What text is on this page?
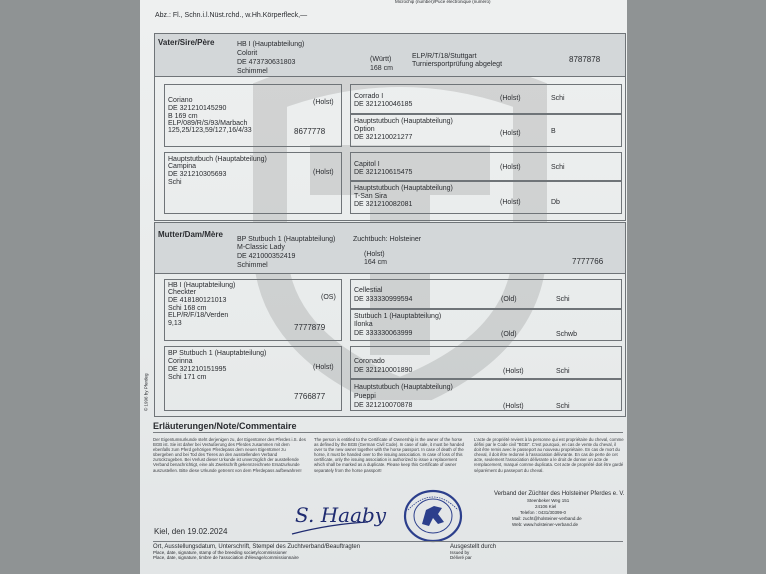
Microchip (number)/Puce électronique (numéro)
Abz.: Fl., Schn.i.l.Nüst.rchd., w.Hh.Körperfleck,—
Vater/Sire/Père	HB I (Hauptabteilung)
Colorit
DE 473730631803
Schimmel
(Württ)
168 cm
ELP/R/T/18/Stuttgart
Turniersportprüfung abgelegt
8787878
Coriano
DE 321210145290
B 169 cm
ELP/089/R/S/93/Marbach
125,25/123,59/127,16/4/33
(Holst)
8677778
Corrado I
DE 321210046185
(Holst)	Schi
Hauptstutbuch (Hauptabteilung)
Option
DE 321210021277
(Holst)	B
Hauptstutbuch (Hauptabteilung)
Campina
DE 321210305693
Schi
(Holst)
Capitol I
DE 321210615475
(Holst)	Schi
Hauptstutbuch (Hauptabteilung)
T-San Sira
DE 321210082081	(Holst)	Db
Mutter/Dam/Mère
BP Stutbuch 1 (Hauptabteilung)	Zuchtbuch: Holsteiner
M-Classic Lady
DE 421000352419
Schimmel
(Holst)
164 cm	7777766
HB I (Hauptabteilung)
Checkter
DE 418180121013
Schi 168 cm
ELP/R/F/18/Verden
9,13
(OS)
7777879
Cellestial
DE 333330999594	(Old)	Schi
Stutbuch 1 (Hauptabteilung)
Ilonka
DE 333330063999	(Old)	Schwb
BP Stutbuch 1 (Hauptabteilung)
Corinna
DE 321210151995
Schi 171 cm
(Holst)
7766877
Coronado
DE 321210001890	(Holst)	Schi
Hauptstutbuch (Hauptabteilung)
Pueppi
DE 321210070878	(Holst)	Schi
© 1996 by Pferdeg
Erläuterungen/Note/Commentaire
Der Eigentumsurkunde steht derjenigen zu, der Eigentümer des Pferdes i.S. des BGB ist. Sie ist daher bei Veräußerung des Pferdes zusammen mit dem ebenfalls zum Pferd gehörigen Pferdepass dem neuen Eigentümer zu übergeben und bei Tod des Tieres an den ausstellenden Verband zurückzugeben. Bei Verlust dieser Urkunde ist unverzüglich der ausstellende Verband benachrichtigt, eine als Zweitschrift gekennzeichnete Ersatzurkunde auszustellen. Bitte diese Urkunde getrennt von dem Pferdepass aufbewahren!
The person is entitled to the Certificate of Ownership is the owner of the horse as defined by the BGB (German Civil Code). In case of sale, it must be handed over to the new owner together with the horse passport. In case of death of the horse, it must be handed over to the issuing association. In case of loss of this certificate, only the issuing association is authorized to issue a replacement which shall be marked as a duplicate. Please keep this Certificate of owner separately from the horse passport!
L'acte de propriété revient à la personne qui est propriétaire du cheval, comme défini par le Code civil "BGB". C'est pourquoi, en cas de vente du cheval, il doit être remis avec le passeport au nouveau propriétaire. En cas de mort du cheval, il doit être redonné à l'association délivrante. En cas de perte de cet acte, seulement l'association délivrante a le droit de donner un acte de remplacement, marqué comme duplicata. Cet acte de propriété doit être gardé séparément du passeport du cheval.
Verband der Züchter des Holsteiner Pferdes e. V.
Steenbeker Weg 151
24106 Kiel
Telefon : 0431/30399-0
Mail: zucht@holsteiner-verband.de
Web: www.holsteiner-verband.de
Kiel, den 19.02.2024
S. Haaby
Ort, Ausstellungsdatum, Unterschrift, Stempel des Zuchtverband/Beauftragten
Place, date, signature, stamp of the breeding society/commissioner
Place, date, signature, timbre de l'association d'élevage/commissionnaire
Ausgestellt durch
Issued by
Délivré par
